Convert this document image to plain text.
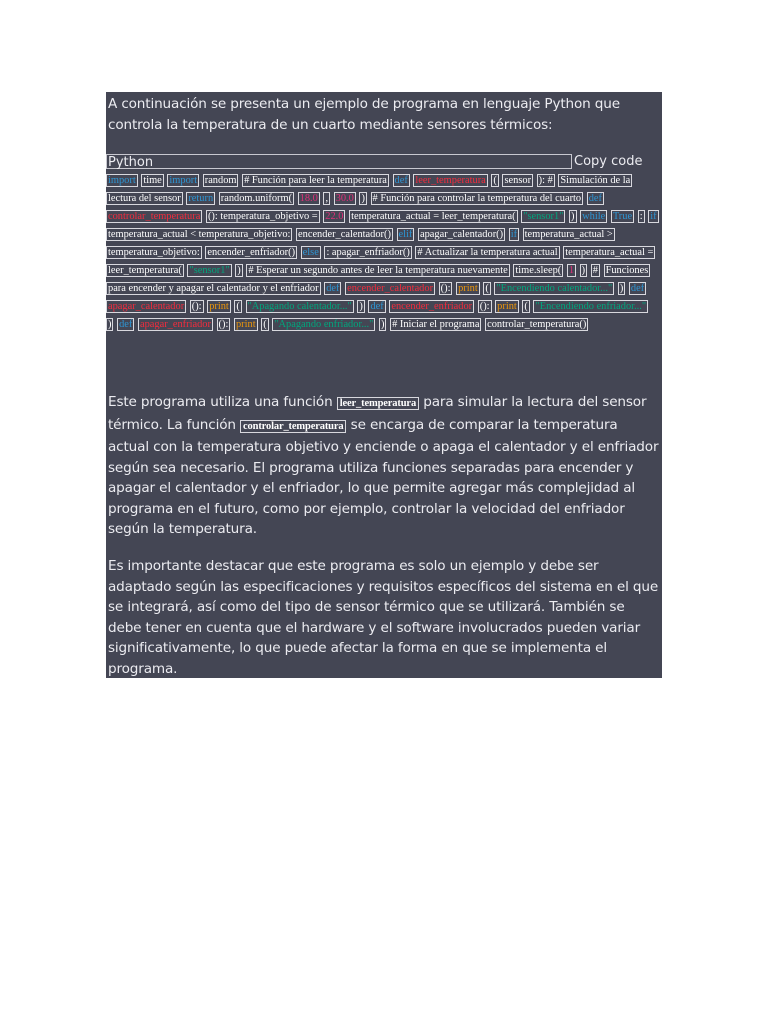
A continuación se presenta un ejemplo de programa en lenguaje Python que controla la temperatura de un cuarto mediante sensores térmicos:

Python	Copy code
import time import random # Función para leer la temperatura def leer_temperatura ( sensor ): # Simulación de la lectura del sensor return random.uniform( 18.0 , 30.0 ) # Función para controlar la temperatura del cuarto def controlar_temperatura (): temperatura_objetivo = 22.0 temperatura_actual = leer_temperatura( "sensor1" ) while True : if temperatura_actual < temperatura_objetivo: encender_calentador() elif apagar_calentador() if temperatura_actual > temperatura_objetivo: encender_enfriador() else : apagar_enfriador() # Actualizar la temperatura actual temperatura_actual = leer_temperatura( "sensor1" ) # Esperar un segundo antes de leer la temperatura nuevamente time.sleep( 1 ) # Funciones para encender y apagar el calentador y el enfriador def encender_calentador (): print ( "Encendiendo calentador..." ) def apagar_calentador (): print ( "Apagando calentador..." ) def encender_enfriador (): print ( "Encendiendo enfriador..." ) def apagar_enfriador (): print ( "Apagando enfriador..." ) # Iniciar el programa controlar_temperatura()

Este programa utiliza una función leer_temperatura para simular la lectura del sensor térmico. La función controlar_temperatura se encarga de comparar la temperatura actual con la temperatura objetivo y enciende o apaga el calentador y el enfriador según sea necesario. El programa utiliza funciones separadas para encender y apagar el calentador y el enfriador, lo que permite agregar más complejidad al programa en el futuro, como por ejemplo, controlar la velocidad del enfriador según la temperatura.

Es importante destacar que este programa es solo un ejemplo y debe ser adaptado según las especificaciones y requisitos específicos del sistema en el que se integrará, así como del tipo de sensor térmico que se utilizará. También se debe tener en cuenta que el hardware y el software involucrados pueden variar significativamente, lo que puede afectar la forma en que se implementa el programa.
